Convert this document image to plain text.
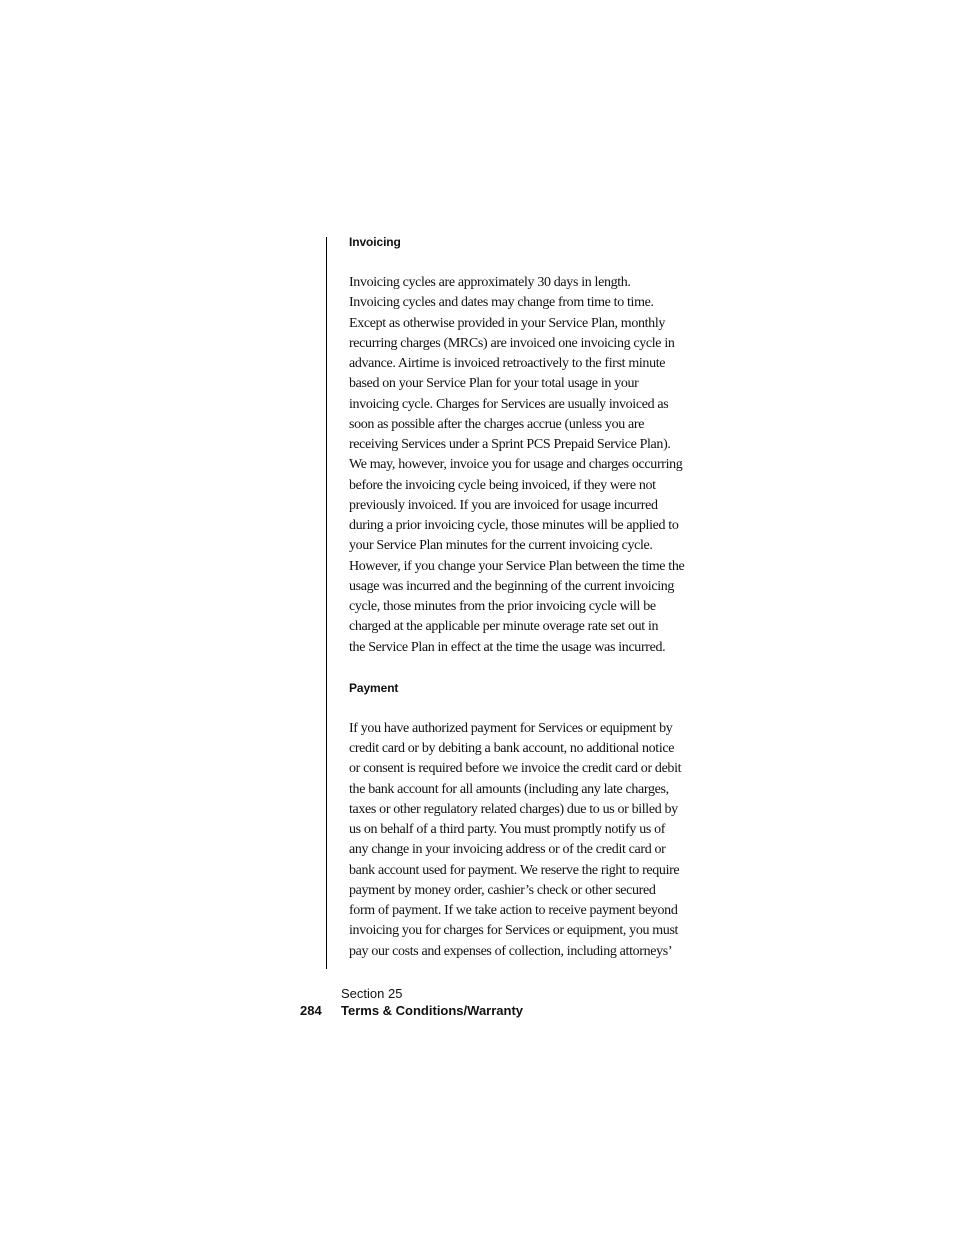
Invoicing
Invoicing cycles are approximately 30 days in length.
Invoicing cycles and dates may change from time to time.
Except as otherwise provided in your Service Plan, monthly
recurring charges (MRCs) are invoiced one invoicing cycle in
advance. Airtime is invoiced retroactively to the first minute
based on your Service Plan for your total usage in your
invoicing cycle. Charges for Services are usually invoiced as
soon as possible after the charges accrue (unless you are
receiving Services under a Sprint PCS Prepaid Service Plan).
We may, however, invoice you for usage and charges occurring
before the invoicing cycle being invoiced, if they were not
previously invoiced. If you are invoiced for usage incurred
during a prior invoicing cycle, those minutes will be applied to
your Service Plan minutes for the current invoicing cycle.
However, if you change your Service Plan between the time the
usage was incurred and the beginning of the current invoicing
cycle, those minutes from the prior invoicing cycle will be
charged at the applicable per minute overage rate set out in
the Service Plan in effect at the time the usage was incurred.
Payment
If you have authorized payment for Services or equipment by
credit card or by debiting a bank account, no additional notice
or consent is required before we invoice the credit card or debit
the bank account for all amounts (including any late charges,
taxes or other regulatory related charges) due to us or billed by
us on behalf of a third party. You must promptly notify us of
any change in your invoicing address or of the credit card or
bank account used for payment. We reserve the right to require
payment by money order, cashier’s check or other secured
form of payment. If we take action to receive payment beyond
invoicing you for charges for Services or equipment, you must
pay our costs and expenses of collection, including attorneys’
Section 25
284 Terms & Conditions/Warranty
